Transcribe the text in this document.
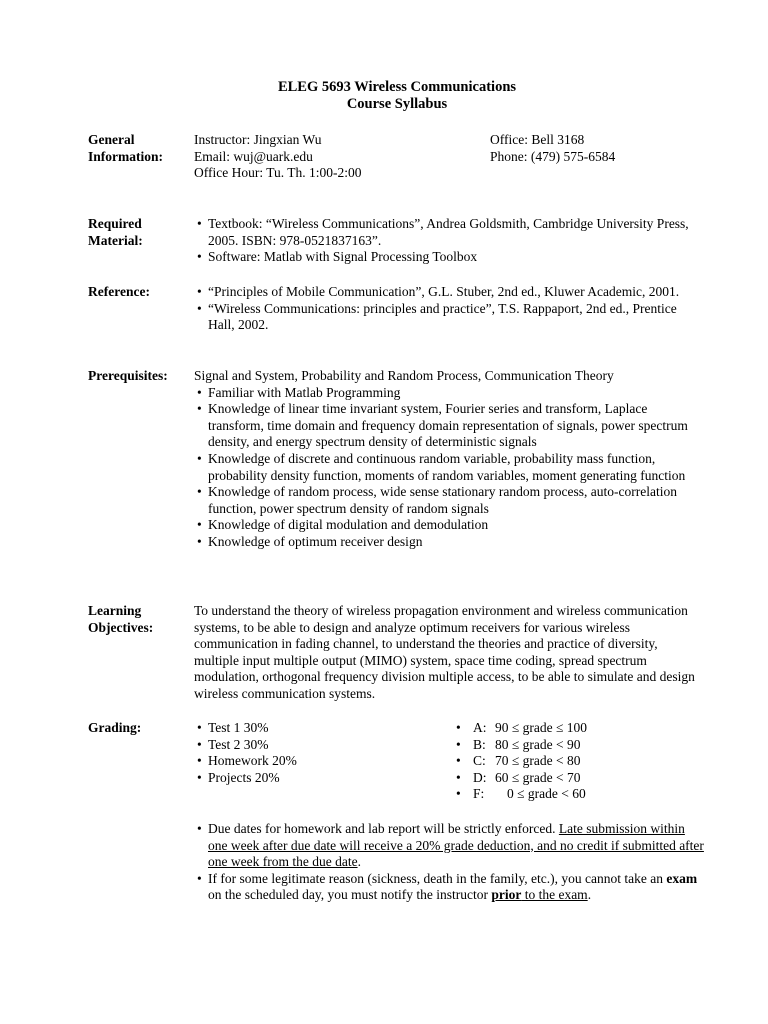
ELEG 5693 Wireless Communications
Course Syllabus
General
Information:
Instructor: Jingxian Wu
Email: wuj@uark.edu
Office Hour: Tu. Th. 1:00-2:00
Office: Bell 3168
Phone: (479) 575-6584
Required
Material:
• Textbook: “Wireless Communications”, Andrea Goldsmith, Cambridge University Press, 2005. ISBN: 978-0521837163”.
• Software: Matlab with Signal Processing Toolbox
Reference:	• “Principles of Mobile Communication”, G.L. Stuber, 2nd ed., Kluwer Academic, 2001.
• “Wireless Communications: principles and practice”, T.S. Rappaport, 2nd ed., Prentice Hall, 2002.
Prerequisites:	Signal and System, Probability and Random Process, Communication Theory
• Familiar with Matlab Programming
• Knowledge of linear time invariant system, Fourier series and transform, Laplace transform, time domain and frequency domain representation of signals, power spectrum density, and energy spectrum density of deterministic signals
• Knowledge of discrete and continuous random variable, probability mass function, probability density function, moments of random variables, moment generating function
• Knowledge of random process, wide sense stationary random process, auto-correlation function, power spectrum density of random signals
• Knowledge of digital modulation and demodulation
• Knowledge of optimum receiver design
Learning
Objectives:
To understand the theory of wireless propagation environment and wireless communication systems, to be able to design and analyze optimum receivers for various wireless communication in fading channel, to understand the theories and practice of diversity, multiple input multiple output (MIMO) system, space time coding, spread spectrum modulation, orthogonal frequency division multiple access, to be able to simulate and design wireless communication systems.
Grading:	• Test 1 30%
• Test 2 30%
• Homework 20%
• Projects 20%
• A: 90 ≤ grade ≤ 100
• B: 80 ≤ grade < 90
• C: 70 ≤ grade < 80
• D: 60 ≤ grade < 70
• F: 0 ≤ grade < 60
• Due dates for homework and lab report will be strictly enforced. Late submission within one week after due date will receive a 20% grade deduction, and no credit if submitted after one week from the due date.
• If for some legitimate reason (sickness, death in the family, etc.), you cannot take an exam on the scheduled day, you must notify the instructor prior to the exam.
